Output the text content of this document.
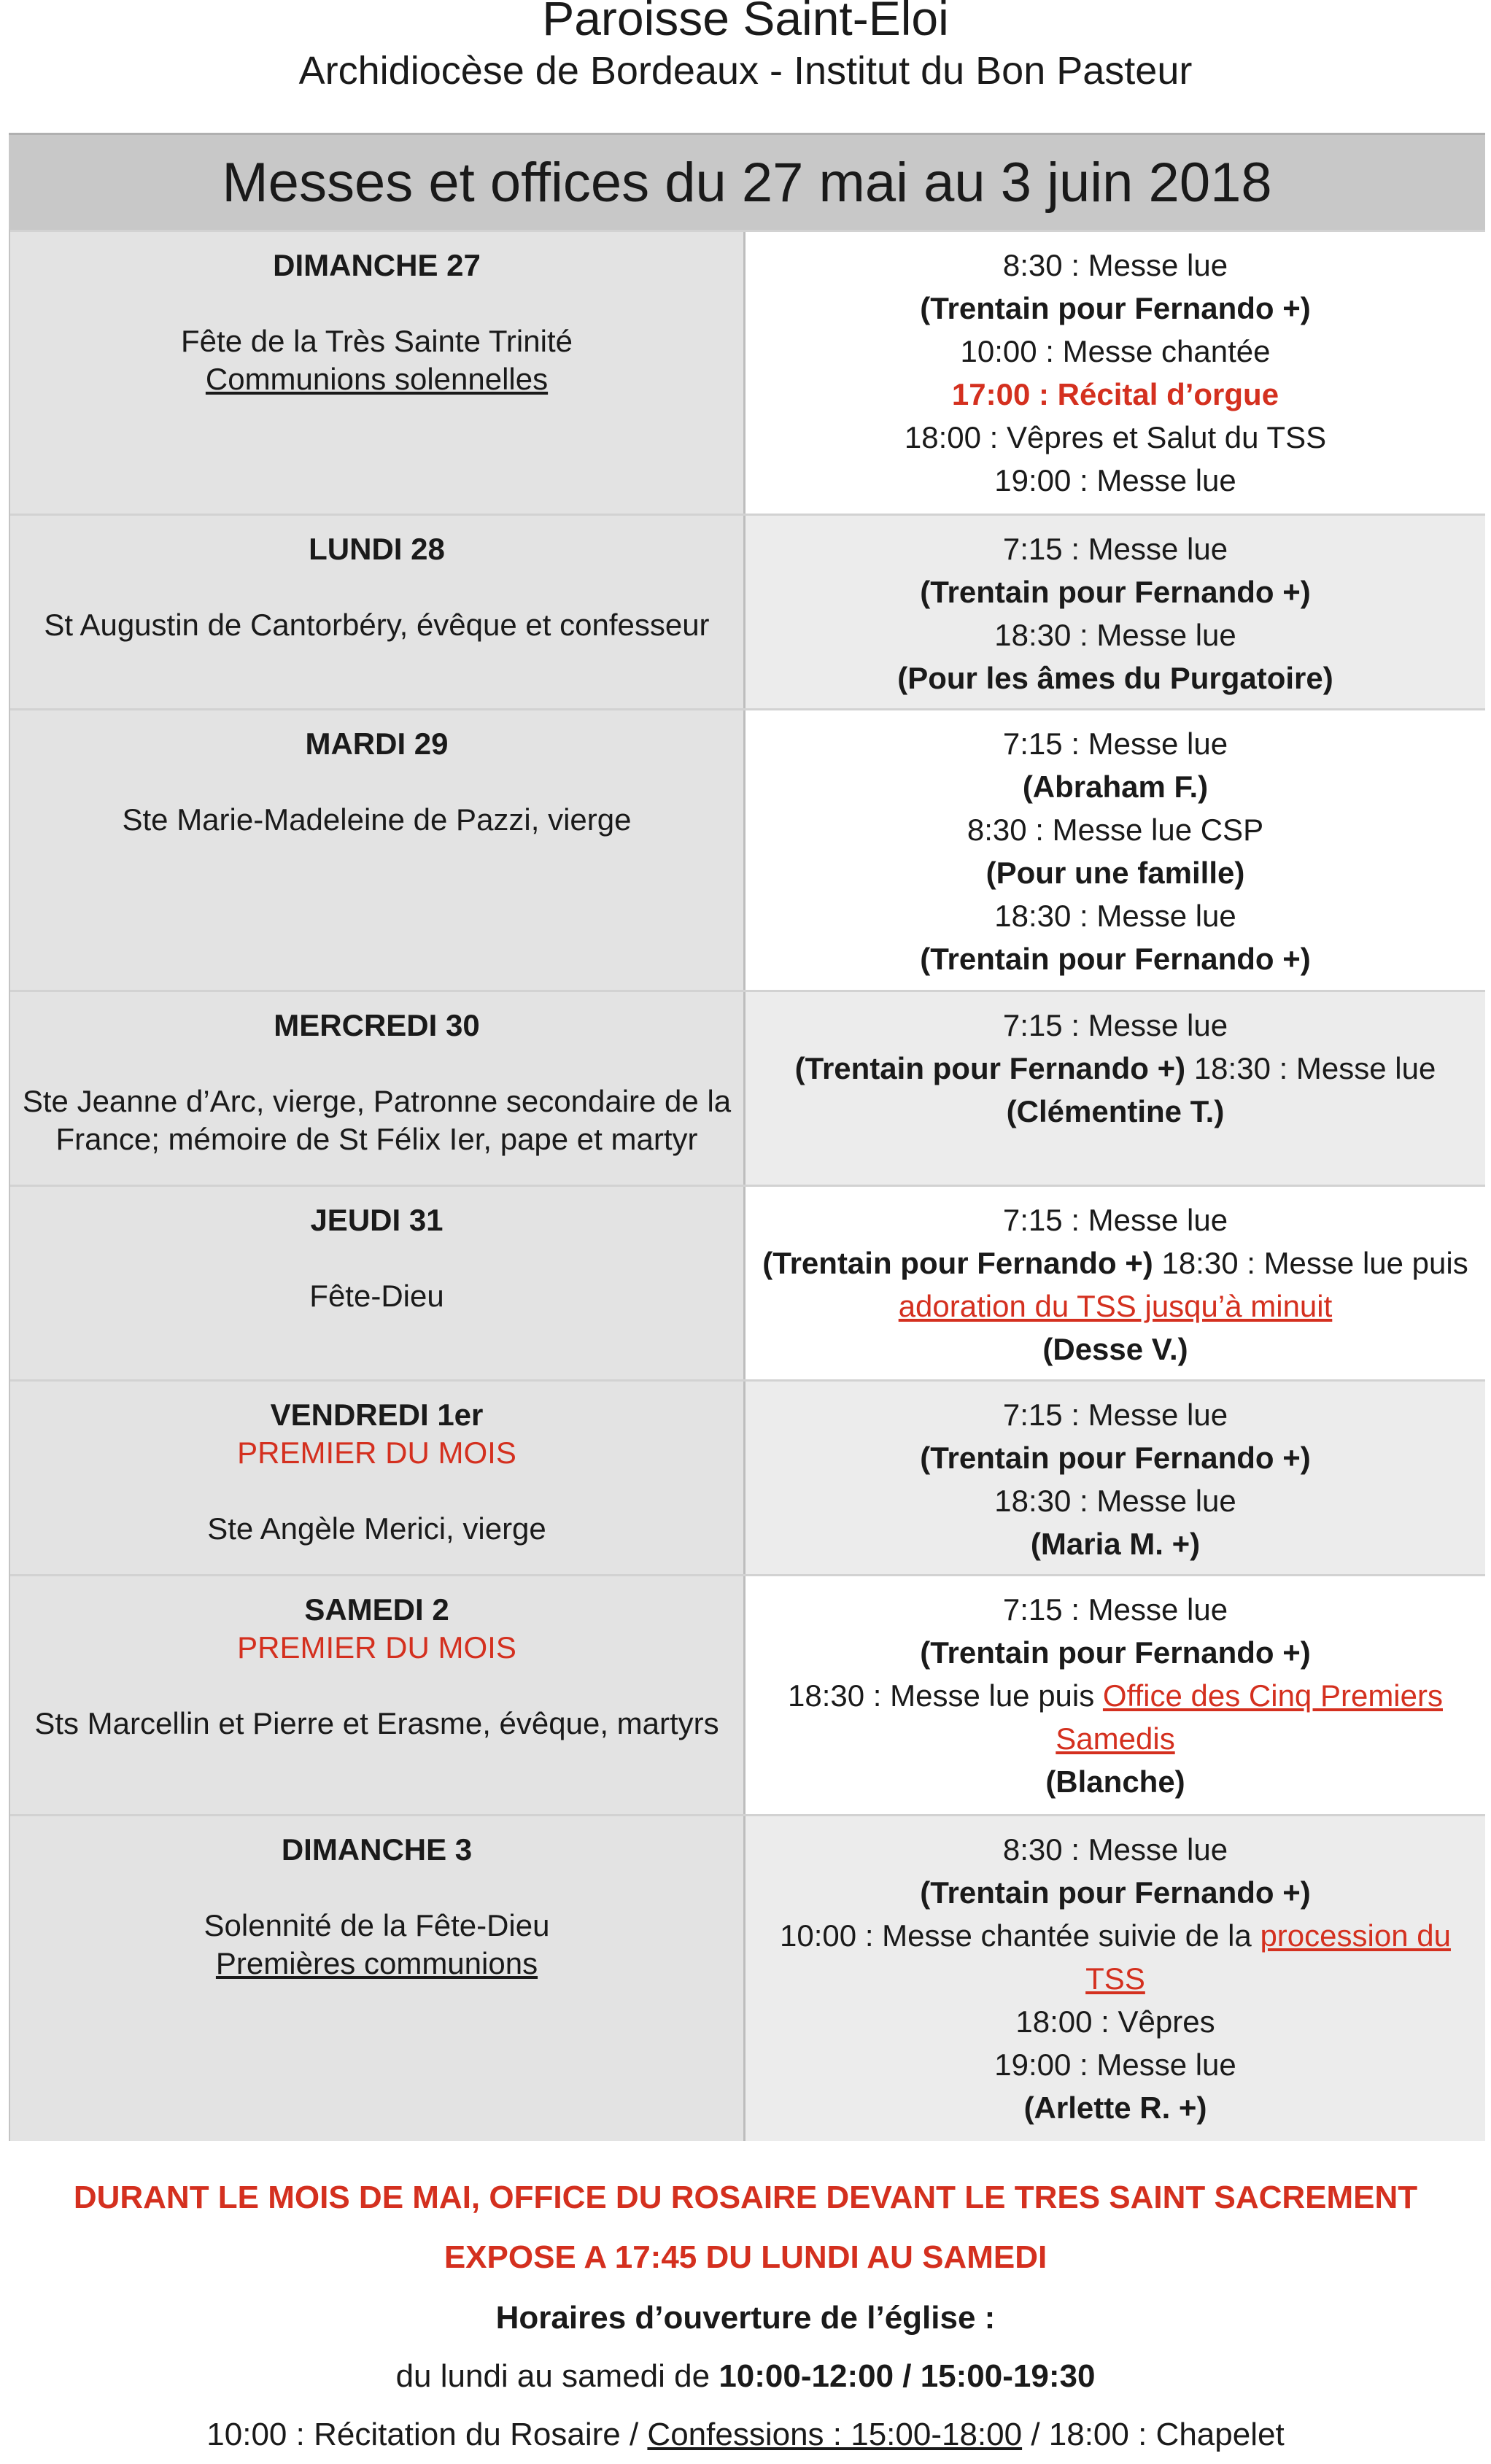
Paroisse Saint-Eloi
Archidiocèse de Bordeaux - Institut du Bon Pasteur
Messes et offices du 27 mai au 3 juin 2018
DIMANCHE 27
Fête de la Très Sainte Trinité
Communions solennelles
8:30 : Messe lue
(Trentain pour Fernando +)
10:00 : Messe chantée
17:00 : Récital d’orgue
18:00 : Vêpres et Salut du TSS
19:00 : Messe lue
LUNDI 28
St Augustin de Cantorbéry, évêque et confesseur
7:15 : Messe lue
(Trentain pour Fernando +)
18:30 : Messe lue
(Pour les âmes du Purgatoire)
MARDI 29
Ste Marie-Madeleine de Pazzi, vierge
7:15 : Messe lue
(Abraham F.)
8:30 : Messe lue CSP
(Pour une famille)
18:30 : Messe lue
(Trentain pour Fernando +)
MERCREDI 30
Ste Jeanne d’Arc, vierge, Patronne secondaire de la France; mémoire de St Félix Ier, pape et martyr
7:15 : Messe lue
(Trentain pour Fernando +) 18:30 : Messe lue
(Clémentine T.)
JEUDI 31
Fête-Dieu
7:15 : Messe lue
(Trentain pour Fernando +) 18:30 : Messe lue puis
adoration du TSS jusqu’à minuit
(Desse V.)
VENDREDI 1er
PREMIER DU MOIS
Ste Angèle Merici, vierge
7:15 : Messe lue
(Trentain pour Fernando +)
18:30 : Messe lue
(Maria M. +)
SAMEDI 2
PREMIER DU MOIS
Sts Marcellin et Pierre et Erasme, évêque, martyrs
7:15 : Messe lue
(Trentain pour Fernando +)
18:30 : Messe lue puis Office des Cinq Premiers Samedis
(Blanche)
DIMANCHE 3
Solennité de la Fête-Dieu
Premières communions
8:30 : Messe lue
(Trentain pour Fernando +)
10:00 : Messe chantée suivie de la procession du TSS
18:00 : Vêpres
19:00 : Messe lue
(Arlette R. +)
DURANT LE MOIS DE MAI, OFFICE DU ROSAIRE DEVANT LE TRES SAINT SACREMENT
EXPOSE A 17:45 DU LUNDI AU SAMEDI
Horaires d’ouverture de l’église :
du lundi au samedi de 10:00-12:00 / 15:00-19:30
10:00 : Récitation du Rosaire / Confessions : 15:00-18:00 / 18:00 : Chapelet
